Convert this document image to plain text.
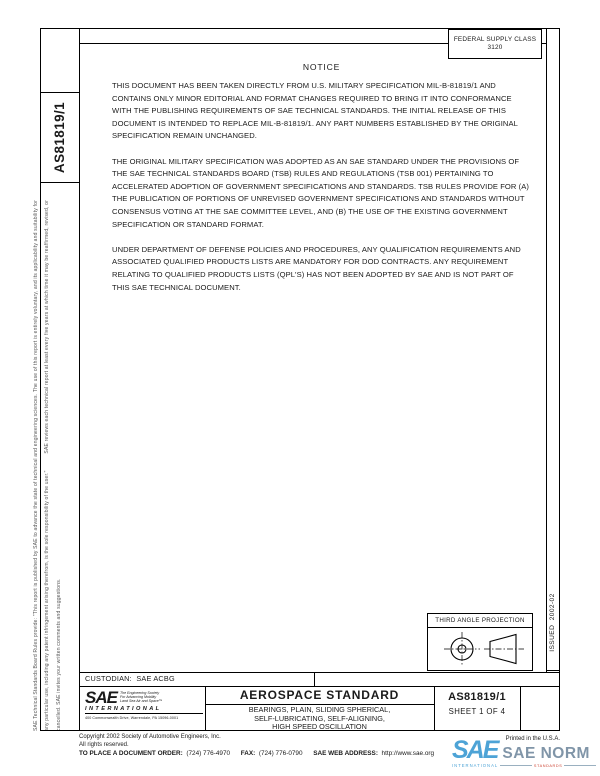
SAE Technical Standards Board Rules provide: "This report is published by SAE to advance the state of technical and engineering sciences. The use of this report is entirely voluntary, and its applicability and suitability for any particular use, including any patent infringement arising therefrom, is the sole responsibility of the user."  SAE reviews each technical report at least every five years at which time it may be reaffirmed, revised, or cancelled. SAE invites your written comments and suggestions.
FEDERAL SUPPLY CLASS
3120
AS81819/1
NOTICE

THIS DOCUMENT HAS BEEN TAKEN DIRECTLY FROM U.S. MILITARY SPECIFICATION MIL-B-81819/1 AND CONTAINS ONLY MINOR EDITORIAL AND FORMAT CHANGES REQUIRED TO BRING IT INTO CONFORMANCE WITH THE PUBLISHING REQUIREMENTS OF SAE TECHNICAL STANDARDS. THE INITIAL RELEASE OF THIS DOCUMENT IS INTENDED TO REPLACE MIL-B-81819/1. ANY PART NUMBERS ESTABLISHED BY THE ORIGINAL SPECIFICATION REMAIN UNCHANGED.

THE ORIGINAL MILITARY SPECIFICATION WAS ADOPTED AS AN SAE STANDARD UNDER THE PROVISIONS OF THE SAE TECHNICAL STANDARDS BOARD (TSB) RULES AND REGULATIONS (TSB 001) PERTAINING TO ACCELERATED ADOPTION OF GOVERNMENT SPECIFICATIONS AND STANDARDS. TSB RULES PROVIDE FOR (A) THE PUBLICATION OF PORTIONS OF UNREVISED GOVERNMENT SPECIFICATIONS AND STANDARDS WITHOUT CONSENSUS VOTING AT THE SAE COMMITTEE LEVEL, AND (B) THE USE OF THE EXISTING GOVERNMENT SPECIFICATION OR STANDARD FORMAT.

UNDER DEPARTMENT OF DEFENSE POLICIES AND PROCEDURES, ANY QUALIFICATION REQUIREMENTS AND ASSOCIATED QUALIFIED PRODUCTS LISTS ARE MANDATORY FOR DOD CONTRACTS. ANY REQUIREMENT RELATING TO QUALIFIED PRODUCTS LISTS (QPL'S) HAS NOT BEEN ADOPTED BY SAE AND IS NOT PART OF THIS SAE TECHNICAL DOCUMENT.

THIRD ANGLE PROJECTION	ISSUED  2002-02
CUSTODIAN:  SAE ACBG
SAE The Engineering Society
For Advancing Mobility
Land Sea Air and Space™
INTERNATIONAL
400 Commonwealth Drive, Warrendale, PA 15096-0001
AEROSPACE STANDARD
BEARINGS, PLAIN, SLIDING SPHERICAL,
SELF-LUBRICATING, SELF-ALIGNING,
HIGH SPEED OSCILLATION
AS81819/1
SHEET 1 OF 4
Copyright 2002 Society of Automotive Engineers, Inc.
All rights reserved.
Printed in the U.S.A.
TO PLACE A DOCUMENT ORDER: (724) 776-4970 FAX: (724) 776-0790 SAE WEB ADDRESS: http://www.sae.org SAE SAE NORM
INTERNATIONAL	STANDARDS
